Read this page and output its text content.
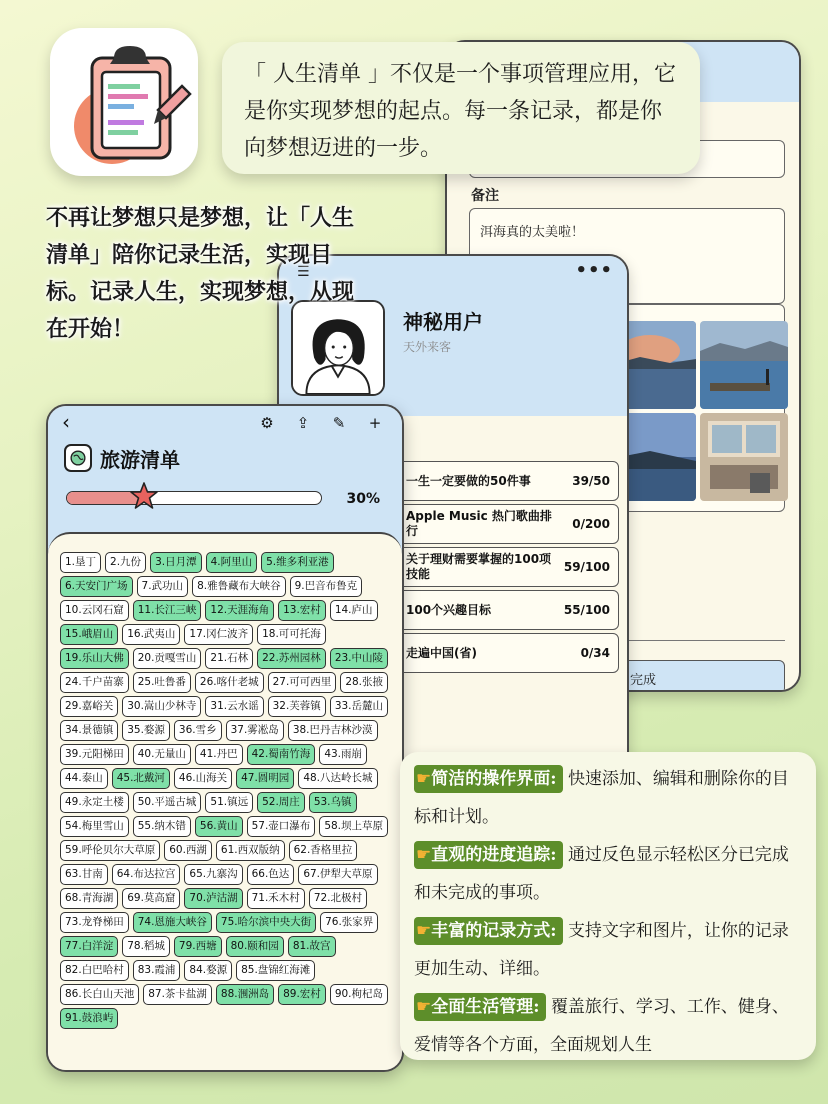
「 人生清单 」不仅是一个事项管理应用，它是你实现梦想的起点。每一条记录，都是你向梦想迈进的一步。
不再让梦想只是梦想，让「人生清单」陪你记录生活，实现目标。记录人生，实现梦想，从现在开始！
备注
洱海真的太美啦！
完成
☰	•••
神秘用户
天外来客
一生一定要做的50件事	39/50
Apple Music 热门歌曲排行	0/200
关于理财需要掌握的100项技能	59/100
100个兴趣目标	55/100
走遍中国(省)	0/34
‹	⚙ ⇪ ✎ +
旅游清单
30%
1.垦丁	2.九份	3.日月潭	4.阿里山	5.维多利亚港
6.天安门广场	7.武功山	8.雅鲁藏布大峡谷	9.巴音布鲁克
10.云冈石窟	11.长江三峡	12.天涯海角	13.宏村	14.庐山
15.峨眉山	16.武夷山	17.冈仁波齐	18.可可托海
19.乐山大佛	20.贡嘎雪山	21.石林	22.苏州园林	23.中山陵
24.千户苗寨	25.吐鲁番	26.喀什老城	27.可可西里	28.张掖
29.嘉峪关	30.嵩山少林寺	31.云水谣	32.芙蓉镇	33.岳麓山
34.景德镇	35.婺源	36.雪乡	37.雾凇岛	38.巴丹吉林沙漠
39.元阳梯田	40.无量山	41.丹巴	42.蜀南竹海	43.雨崩
44.泰山	45.北戴河	46.山海关	47.圆明园	48.八达岭长城
49.永定土楼	50.平遥古城	51.镇远	52.周庄	53.乌镇
54.梅里雪山	55.纳木错	56.黄山	57.壶口瀑布	58.坝上草原
59.呼伦贝尔大草原	60.西湖	61.西双版纳	62.香格里拉
63.甘南	64.布达拉宫	65.九寨沟	66.色达	67.伊犁大草原
68.青海湖	69.莫高窟	70.泸沽湖	71.禾木村	72.北极村
73.龙脊梯田	74.恩施大峡谷	75.哈尔滨中央大街	76.张家界
77.白洋淀	78.稻城	79.西塘	80.颐和园	81.故宫
82.白巴哈村	83.霞浦	84.婺源	85.盘锦红海滩
86.长白山天池	87.茶卡盐湖	88.涠洲岛	89.宏村	90.枸杞岛
91.鼓浪屿
☛简洁的操作界面: 快速添加、编辑和删除你的目标和计划。
☛直观的进度追踪: 通过反色显示轻松区分已完成和未完成的事项。
☛丰富的记录方式: 支持文字和图片，让你的记录更加生动、详细。
☛全面生活管理: 覆盖旅行、学习、工作、健身、爱情等各个方面，全面规划人生
